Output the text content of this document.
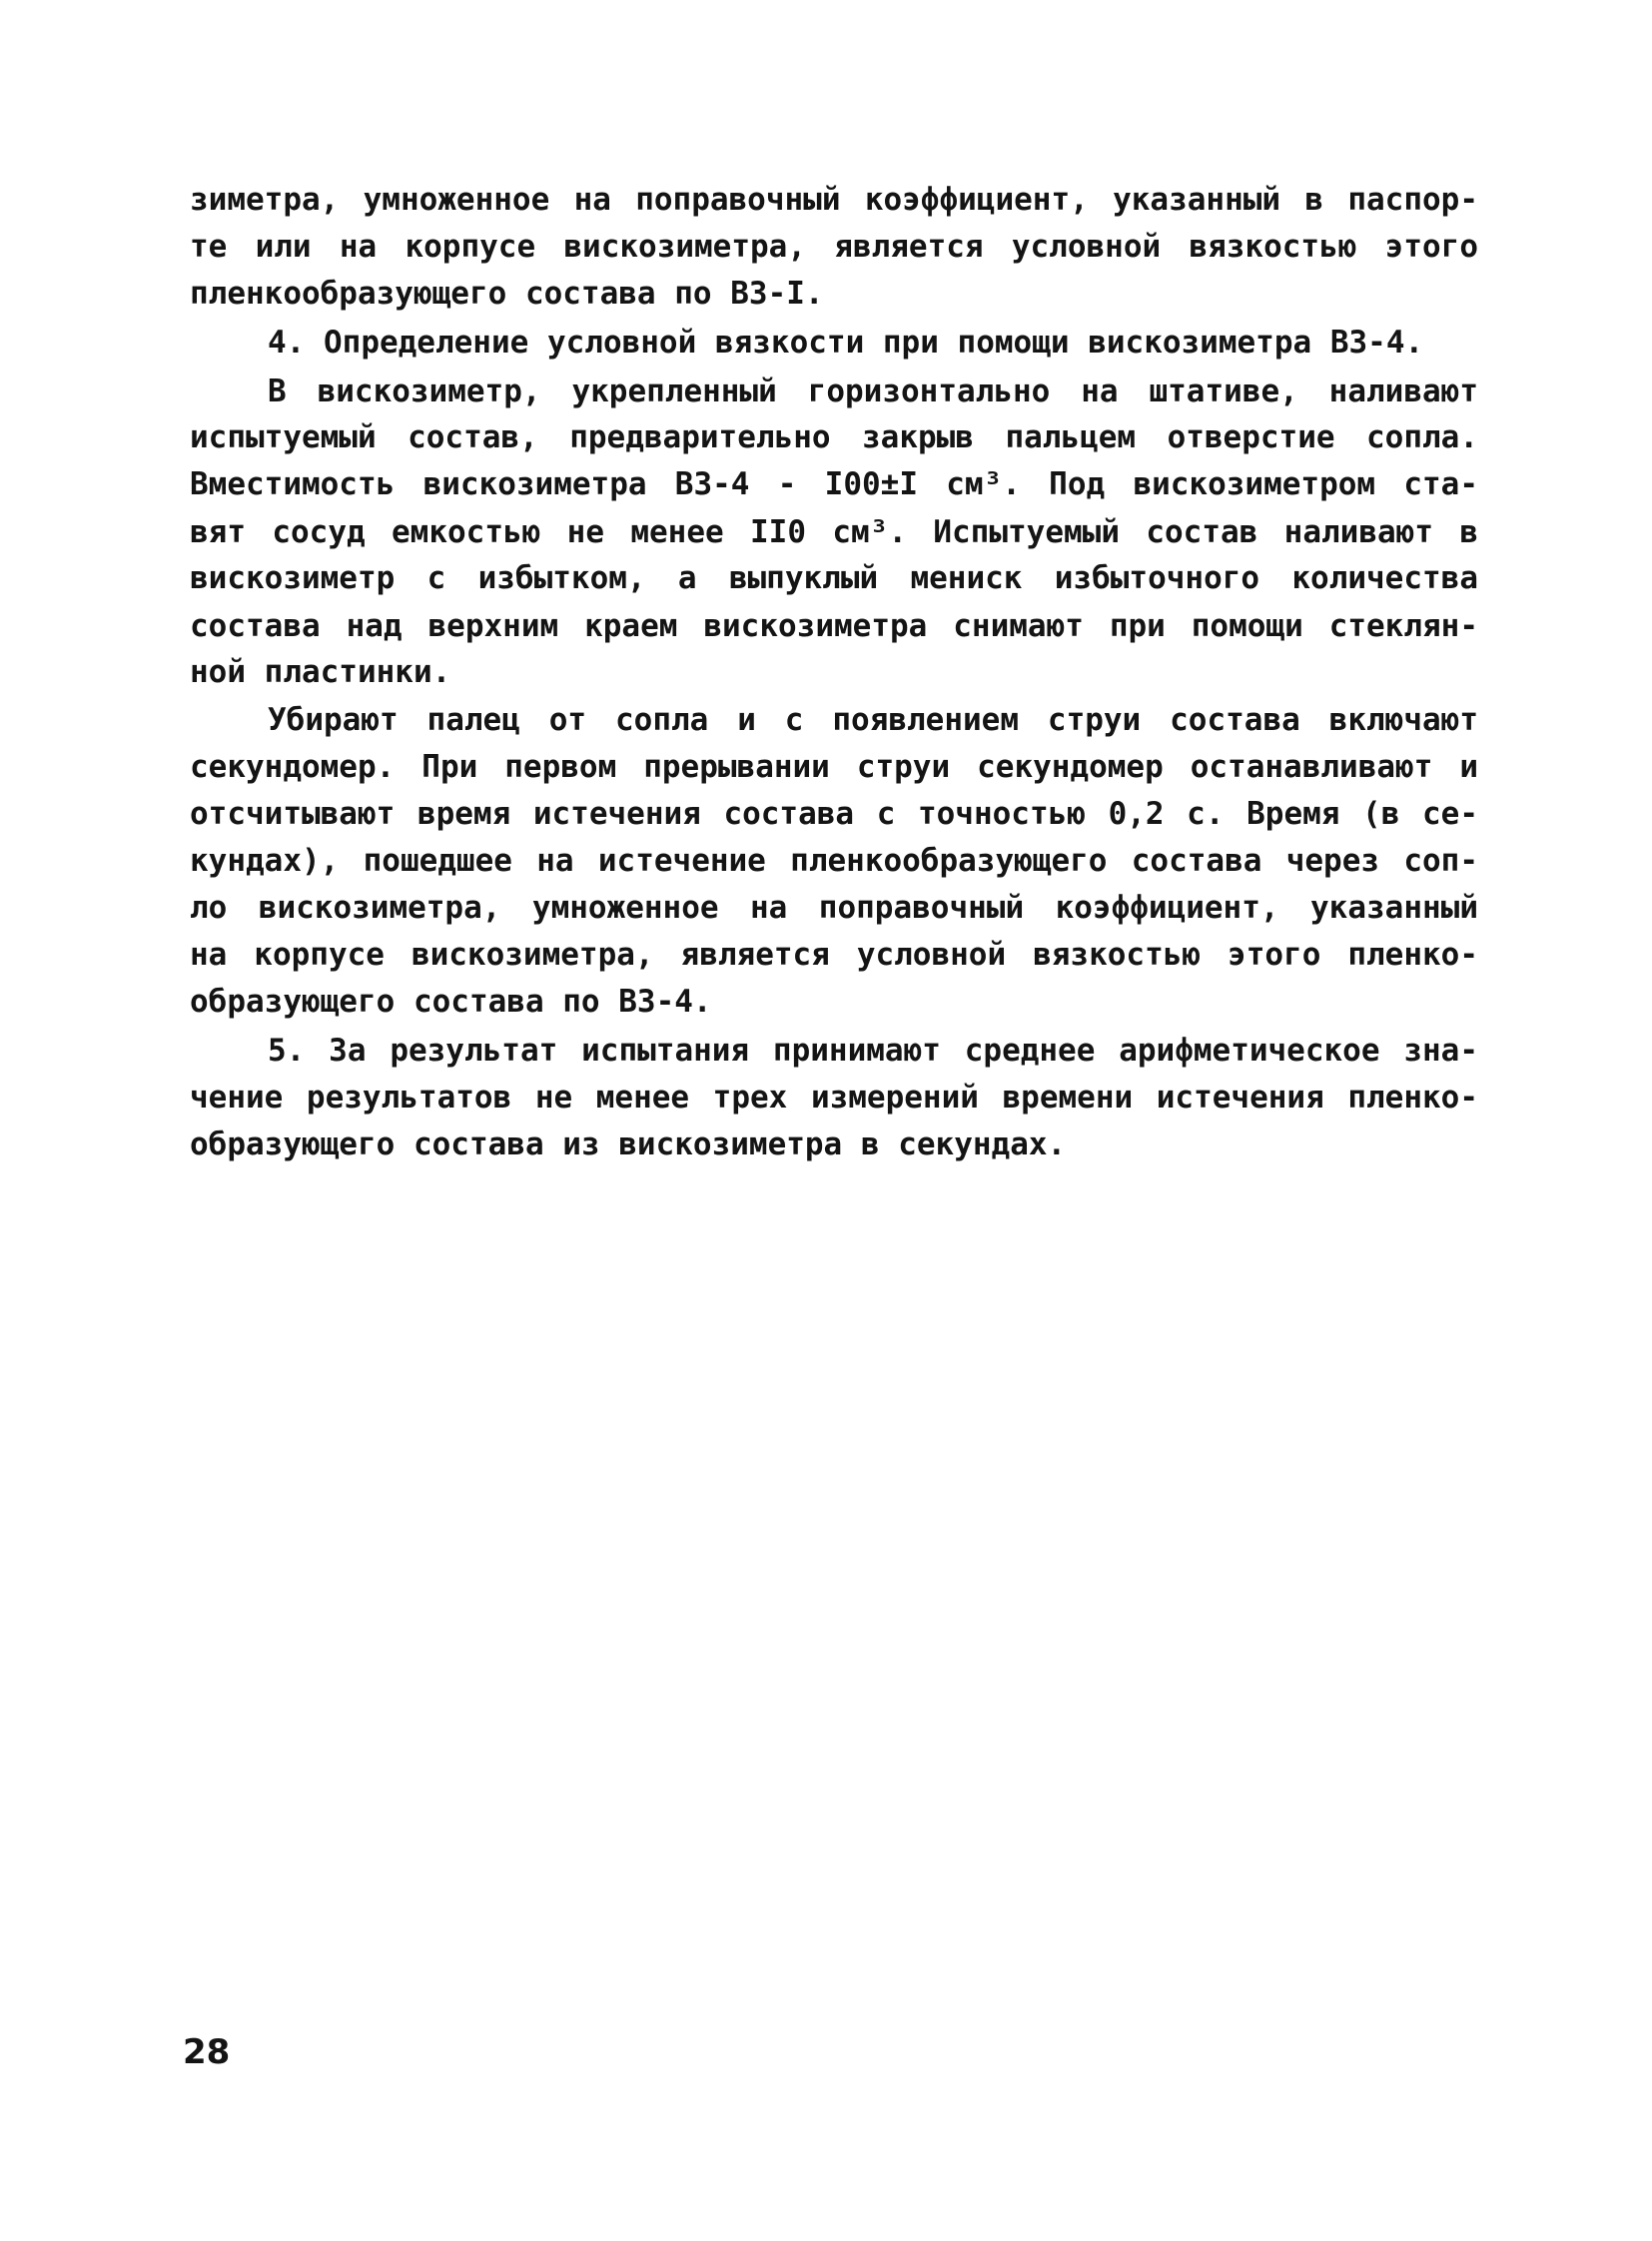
зиметра, умноженное на поправочный коэффициент, указанный в паспор-
те или на корпусе вискозиметра, является условной вязкостью этого
пленкообразующего состава по ВЗ-I.
4. Определение условной вязкости при помощи вискозиметра ВЗ-4.
В вискозиметр, укрепленный горизонтально на штативе, наливают
испытуемый состав, предварительно закрыв пальцем отверстие сопла.
Вместимость вискозиметра ВЗ-4 - I00±I см³. Под вискозиметром ста-
вят сосуд емкостью не менее II0 см³. Испытуемый состав наливают в
вискозиметр с избытком, а выпуклый мениск избыточного количества
состава над верхним краем вискозиметра снимают при помощи стеклян-
ной пластинки.
Убирают палец от сопла и с появлением струи состава включают
секундомер. При первом прерывании струи секундомер останавливают и
отсчитывают время истечения состава с точностью 0,2 с. Время (в се-
кундах), пошедшее на истечение пленкообразующего состава через соп-
ло вискозиметра, умноженное на поправочный коэффициент, указанный
на корпусе вискозиметра, является условной вязкостью этого пленко-
образующего состава по ВЗ-4.
5. За результат испытания принимают среднее арифметическое зна-
чение результатов не менее трех измерений времени истечения пленко-
образующего состава из вискозиметра в секундах.
28
